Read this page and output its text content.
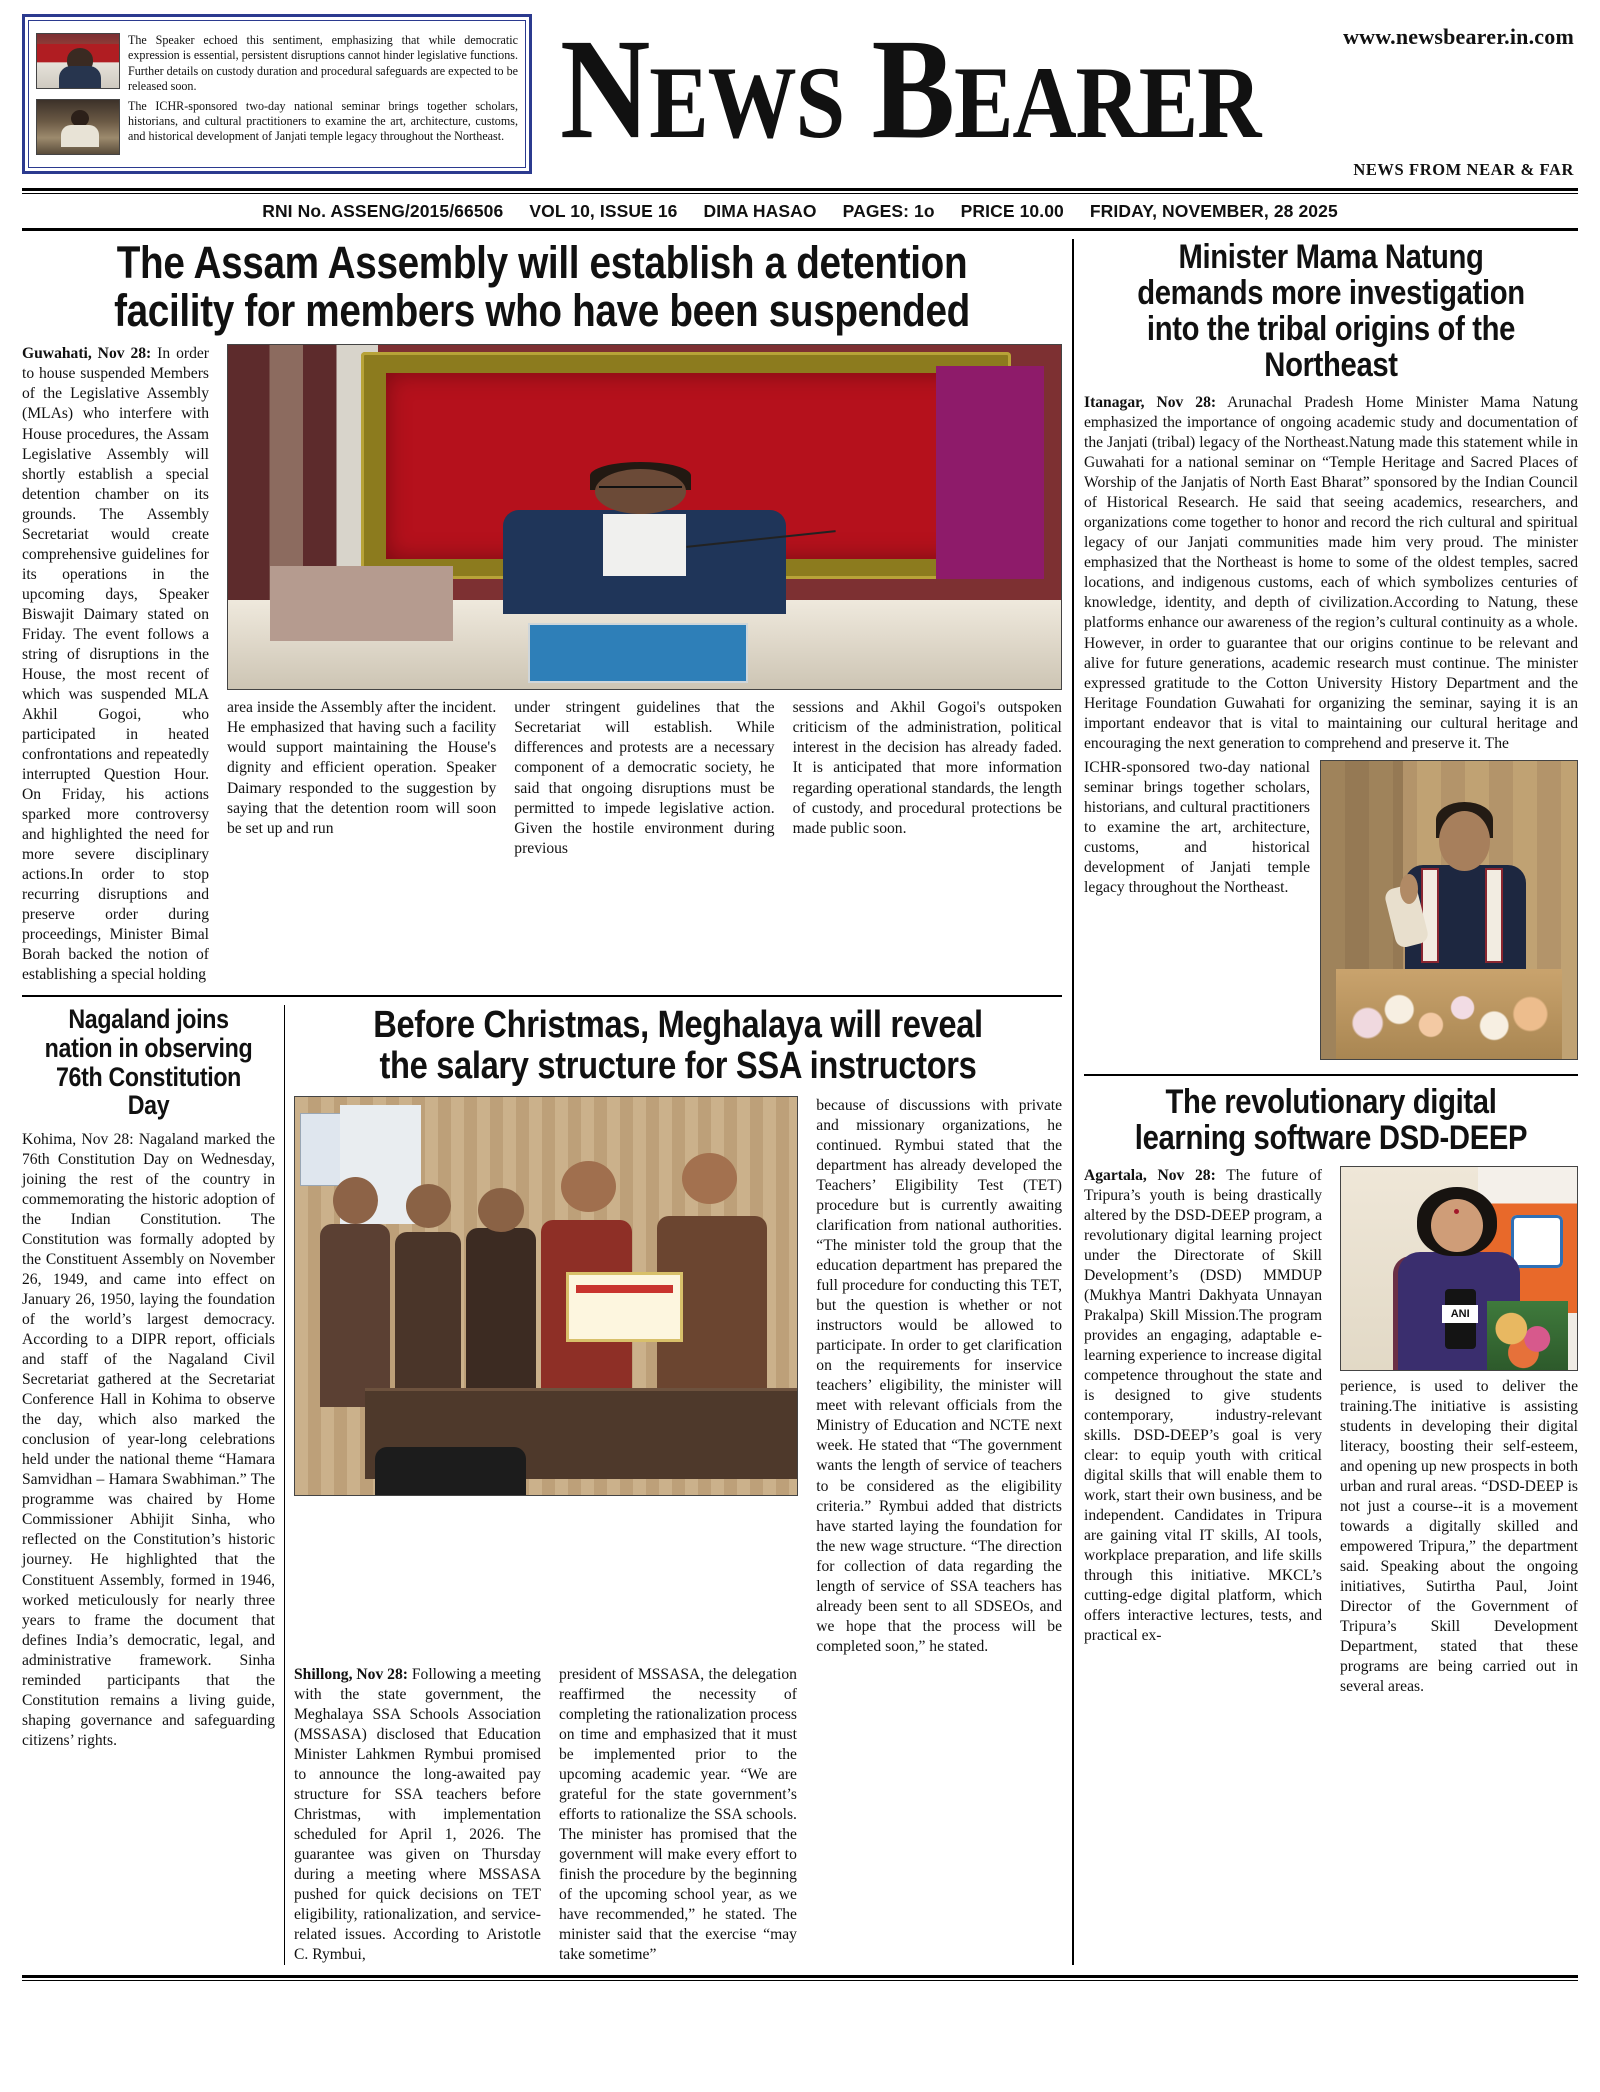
The Speaker echoed this sentiment, emphasizing that while democratic expression is essential, persistent disruptions cannot hinder legislative functions. Further details on custody duration and procedural safeguards are expected to be released soon.
The ICHR-sponsored two-day national seminar brings together scholars, historians, and cultural practitioners to examine the art, architecture, customs, and historical development of Janjati temple legacy throughout the Northeast.
www.newsbearer.in.com
NEWS BEARER
NEWS FROM NEAR & FAR
RNI No. ASSENG/2015/66506 VOL 10, ISSUE 16 DIMA HASAO PAGES: 1o PRICE 10.00 FRIDAY, NOVEMBER, 28 2025
The Assam Assembly will establish a detention facility for members who have been suspended
Guwahati, Nov 28: In order to house suspended Members of the Legislative Assembly (MLAs) who interfere with House procedures, the Assam Legislative Assembly will shortly establish a special detention chamber on its grounds. The Assembly Secretariat would create comprehensive guidelines for its operations in the upcoming days, Speaker Biswajit Daimary stated on Friday. The event follows a string of disruptions in the House, the most recent of which was suspended MLA Akhil Gogoi, who participated in heated confrontations and repeatedly interrupted Question Hour. On Friday, his actions sparked more controversy and highlighted the need for more severe disciplinary actions.In order to stop recurring disruptions and preserve order during proceedings, Minister Bimal Borah backed the notion of establishing a special holding
area inside the Assembly after the incident. He emphasized that having such a facility would support maintaining the House's dignity and efficient operation. Speaker Daimary responded to the suggestion by saying that the detention room will soon be set up and run
under stringent guidelines that the Secretariat will establish. While differences and protests are a necessary component of a democratic society, he said that ongoing disruptions must be permitted to impede legislative action. Given the hostile environment during previous
sessions and Akhil Gogoi's outspoken criticism of the administration, political interest in the decision has already faded. It is anticipated that more information regarding operational standards, the length of custody, and procedural protections be made public soon.
Nagaland joins nation in observing 76th Constitution Day
Kohima, Nov 28: Nagaland marked the 76th Constitution Day on Wednesday, joining the rest of the country in commemorating the historic adoption of the Indian Constitution. The Constitution was formally adopted by the Constituent Assembly on November 26, 1949, and came into effect on January 26, 1950, laying the foundation of the world’s largest democracy. According to a DIPR report, officials and staff of the Nagaland Civil Secretariat gathered at the Secretariat Conference Hall in Kohima to observe the day, which also marked the conclusion of year-long celebrations held under the national theme “Hamara Samvidhan – Hamara Swabhiman.” The programme was chaired by Home Commissioner Abhijit Sinha, who reflected on the Constitution’s historic journey. He highlighted that the Constituent Assembly, formed in 1946, worked meticulously for nearly three years to frame the document that defines India’s democratic, legal, and administrative framework. Sinha reminded participants that the Constitution remains a living guide, shaping governance and safeguarding citizens’ rights.
Before Christmas, Meghalaya will reveal the salary structure for SSA instructors
because of discussions with private and missionary organizations, he continued. Rymbui stated that the department has already developed the Teachers’ Eligibility Test (TET) procedure but is currently awaiting clarification from national authorities. “The minister told the group that the education department has prepared the full procedure for conducting this TET, but the question is whether or not instructors would be allowed to participate. In order to get clarification on the requirements for inservice teachers’ eligibility, the minister will meet with relevant officials from the Ministry of Education and NCTE next week. He stated that “The government wants the length of service of teachers to be considered as the eligibility criteria.” Rymbui added that districts have started laying the foundation for the new wage structure. “The direction for collection of data regarding the length of service of SSA teachers has already been sent to all SDSEOs, and we hope that the process will be completed soon,” he stated.
Shillong, Nov 28: Following a meeting with the state government, the Meghalaya SSA Schools Association (MSSASA) disclosed that Education Minister Lahkmen Rymbui promised to announce the long-awaited pay structure for SSA teachers before Christmas, with implementation scheduled for April 1, 2026. The guarantee was given on Thursday during a meeting where MSSASA pushed for quick decisions on TET eligibility, rationalization, and service-related issues. According to Aristotle C. Rymbui,
president of MSSASA, the delegation reaffirmed the necessity of completing the rationalization process on time and emphasized that it must be implemented prior to the upcoming academic year. “We are grateful for the state government’s efforts to rationalize the SSA schools. The minister has promised that the government will make every effort to finish the procedure by the beginning of the upcoming school year, as we have recommended,” he stated. The minister said that the exercise “may take sometime”
Minister Mama Natung demands more investigation into the tribal origins of the Northeast
Itanagar, Nov 28: Arunachal Pradesh Home Minister Mama Natung emphasized the importance of ongoing academic study and documentation of the Janjati (tribal) legacy of the Northeast.Natung made this statement while in Guwahati for a national seminar on “Temple Heritage and Sacred Places of Worship of the Janjatis of North East Bharat” sponsored by the Indian Council of Historical Research. He said that seeing academics, researchers, and organizations come together to honor and record the rich cultural and spiritual legacy of our Janjati communities made him very proud. The minister emphasized that the Northeast is home to some of the oldest temples, sacred locations, and indigenous customs, each of which symbolizes centuries of knowledge, identity, and depth of civilization.According to Natung, these platforms enhance our awareness of the region’s cultural continuity as a whole. However, in order to guarantee that our origins continue to be relevant and alive for future generations, academic research must continue. The minister expressed gratitude to the Cotton University History Department and the Heritage Foundation Guwahati for organizing the seminar, saying it is an important endeavor that is vital to maintaining our cultural heritage and encouraging the next generation to comprehend and preserve it. The
ICHR-sponsored two-day national seminar brings together scholars, historians, and cultural practitioners to examine the art, architecture, customs, and historical development of Janjati temple legacy throughout the Northeast.
The revolutionary digital learning software DSD-DEEP
Agartala, Nov 28: The future of Tripura’s youth is being drastically altered by the DSD-DEEP program, a revolutionary digital learning project under the Directorate of Skill Development’s (DSD) MMDUP (Mukhya Mantri Dakhyata Unnayan Prakalpa) Skill Mission.The program provides an engaging, adaptable e-learning experience to increase digital competence throughout the state and is designed to give students contemporary, industry-relevant skills. DSD-DEEP’s goal is very clear: to equip youth with critical digital skills that will enable them to work, start their own business, and be independent. Candidates in Tripura are gaining vital IT skills, AI tools, workplace preparation, and life skills through this initiative. MKCL’s cutting-edge digital platform, which offers interactive lectures, tests, and practical ex-
ANI
perience, is used to deliver the training.The initiative is assisting students in developing their digital literacy, boosting their self-esteem, and opening up new prospects in both urban and rural areas. “DSD-DEEP is not just a course--it is a movement towards a digitally skilled and empowered Tripura,” the department said. Speaking about the ongoing initiatives, Sutirtha Paul, Joint Director of the Government of Tripura’s Skill Development Department, stated that these programs are being carried out in several areas.
